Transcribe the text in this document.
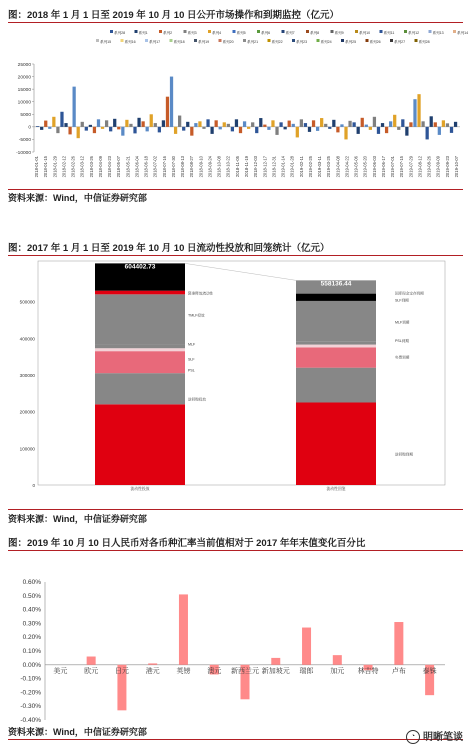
图：2018 年 1 月 1 日至 2019 年 10 月 10 日公开市场操作和到期监控（亿元）
系列28	系列1	系列2	系列3	系列4	系列5	系列6	系列7	系列8	系列9	系列10	系列11	系列12	系列13	系列14
系列15	系列16	系列17	系列18	系列19	系列20	系列21	系列22	系列23	系列24	系列25	系列26	系列27	系列28
-10000
-5000
0
5000
10000
15000
20000
25000
2018-01-01 2018-01-15 2018-01-29 2018-02-12 2018-02-26 2018-03-12 2018-03-26 2018-04-09 2018-04-23 2018-05-07 2018-05-21 2018-06-04 2018-06-18 2018-07-02 2018-07-16 2018-07-30 2018-08-13 2018-08-27 2018-09-10 2018-09-24 2018-10-08 2018-10-22 2018-11-05 2018-11-19 2018-12-03 2018-12-17 2018-12-31 2019-01-14 2019-01-28 2019-02-11 2019-02-25 2019-03-11 2019-03-25 2019-04-08 2019-04-22 2019-05-06 2019-05-20 2019-06-03 2019-06-17 2019-07-01 2019-07-15 2019-07-29 2019-08-12 2019-08-26 2019-09-09 2019-09-23 2019-10-07
资料来源：Wind，中信证券研究部
图：2017 年 1 月 1 日至 2019 年 10 月 10 日流动性投放和回笼统计（亿元）
0
100000
200000
300000
400000
500000
604402.73
流动性投放
558136.44
流动性回笼
降准释放流动性
TMLF投放
MLF
SLF
PSL
逆回购投放
国库现金定存到期
SLF到期
MLF到期
PSL到期
央票到期
逆回购到期
资料来源：Wind，中信证券研究部
图：2019 年 10 月 10 日人民币对各币种汇率当前值相对于 2017 年年末值变化百分比
-0.40%
-0.30%
-0.20%
-0.10%
0.00%
0.10%
0.20%
0.30%
0.40%
0.50%
0.60%
美元 欧元 日元 港元 英镑 澳元 新西兰元 新加坡元 瑞郎 加元 林吉特 卢布 泰铢
资料来源：Wind，中信证券研究部	◔ 明晰笔谈
